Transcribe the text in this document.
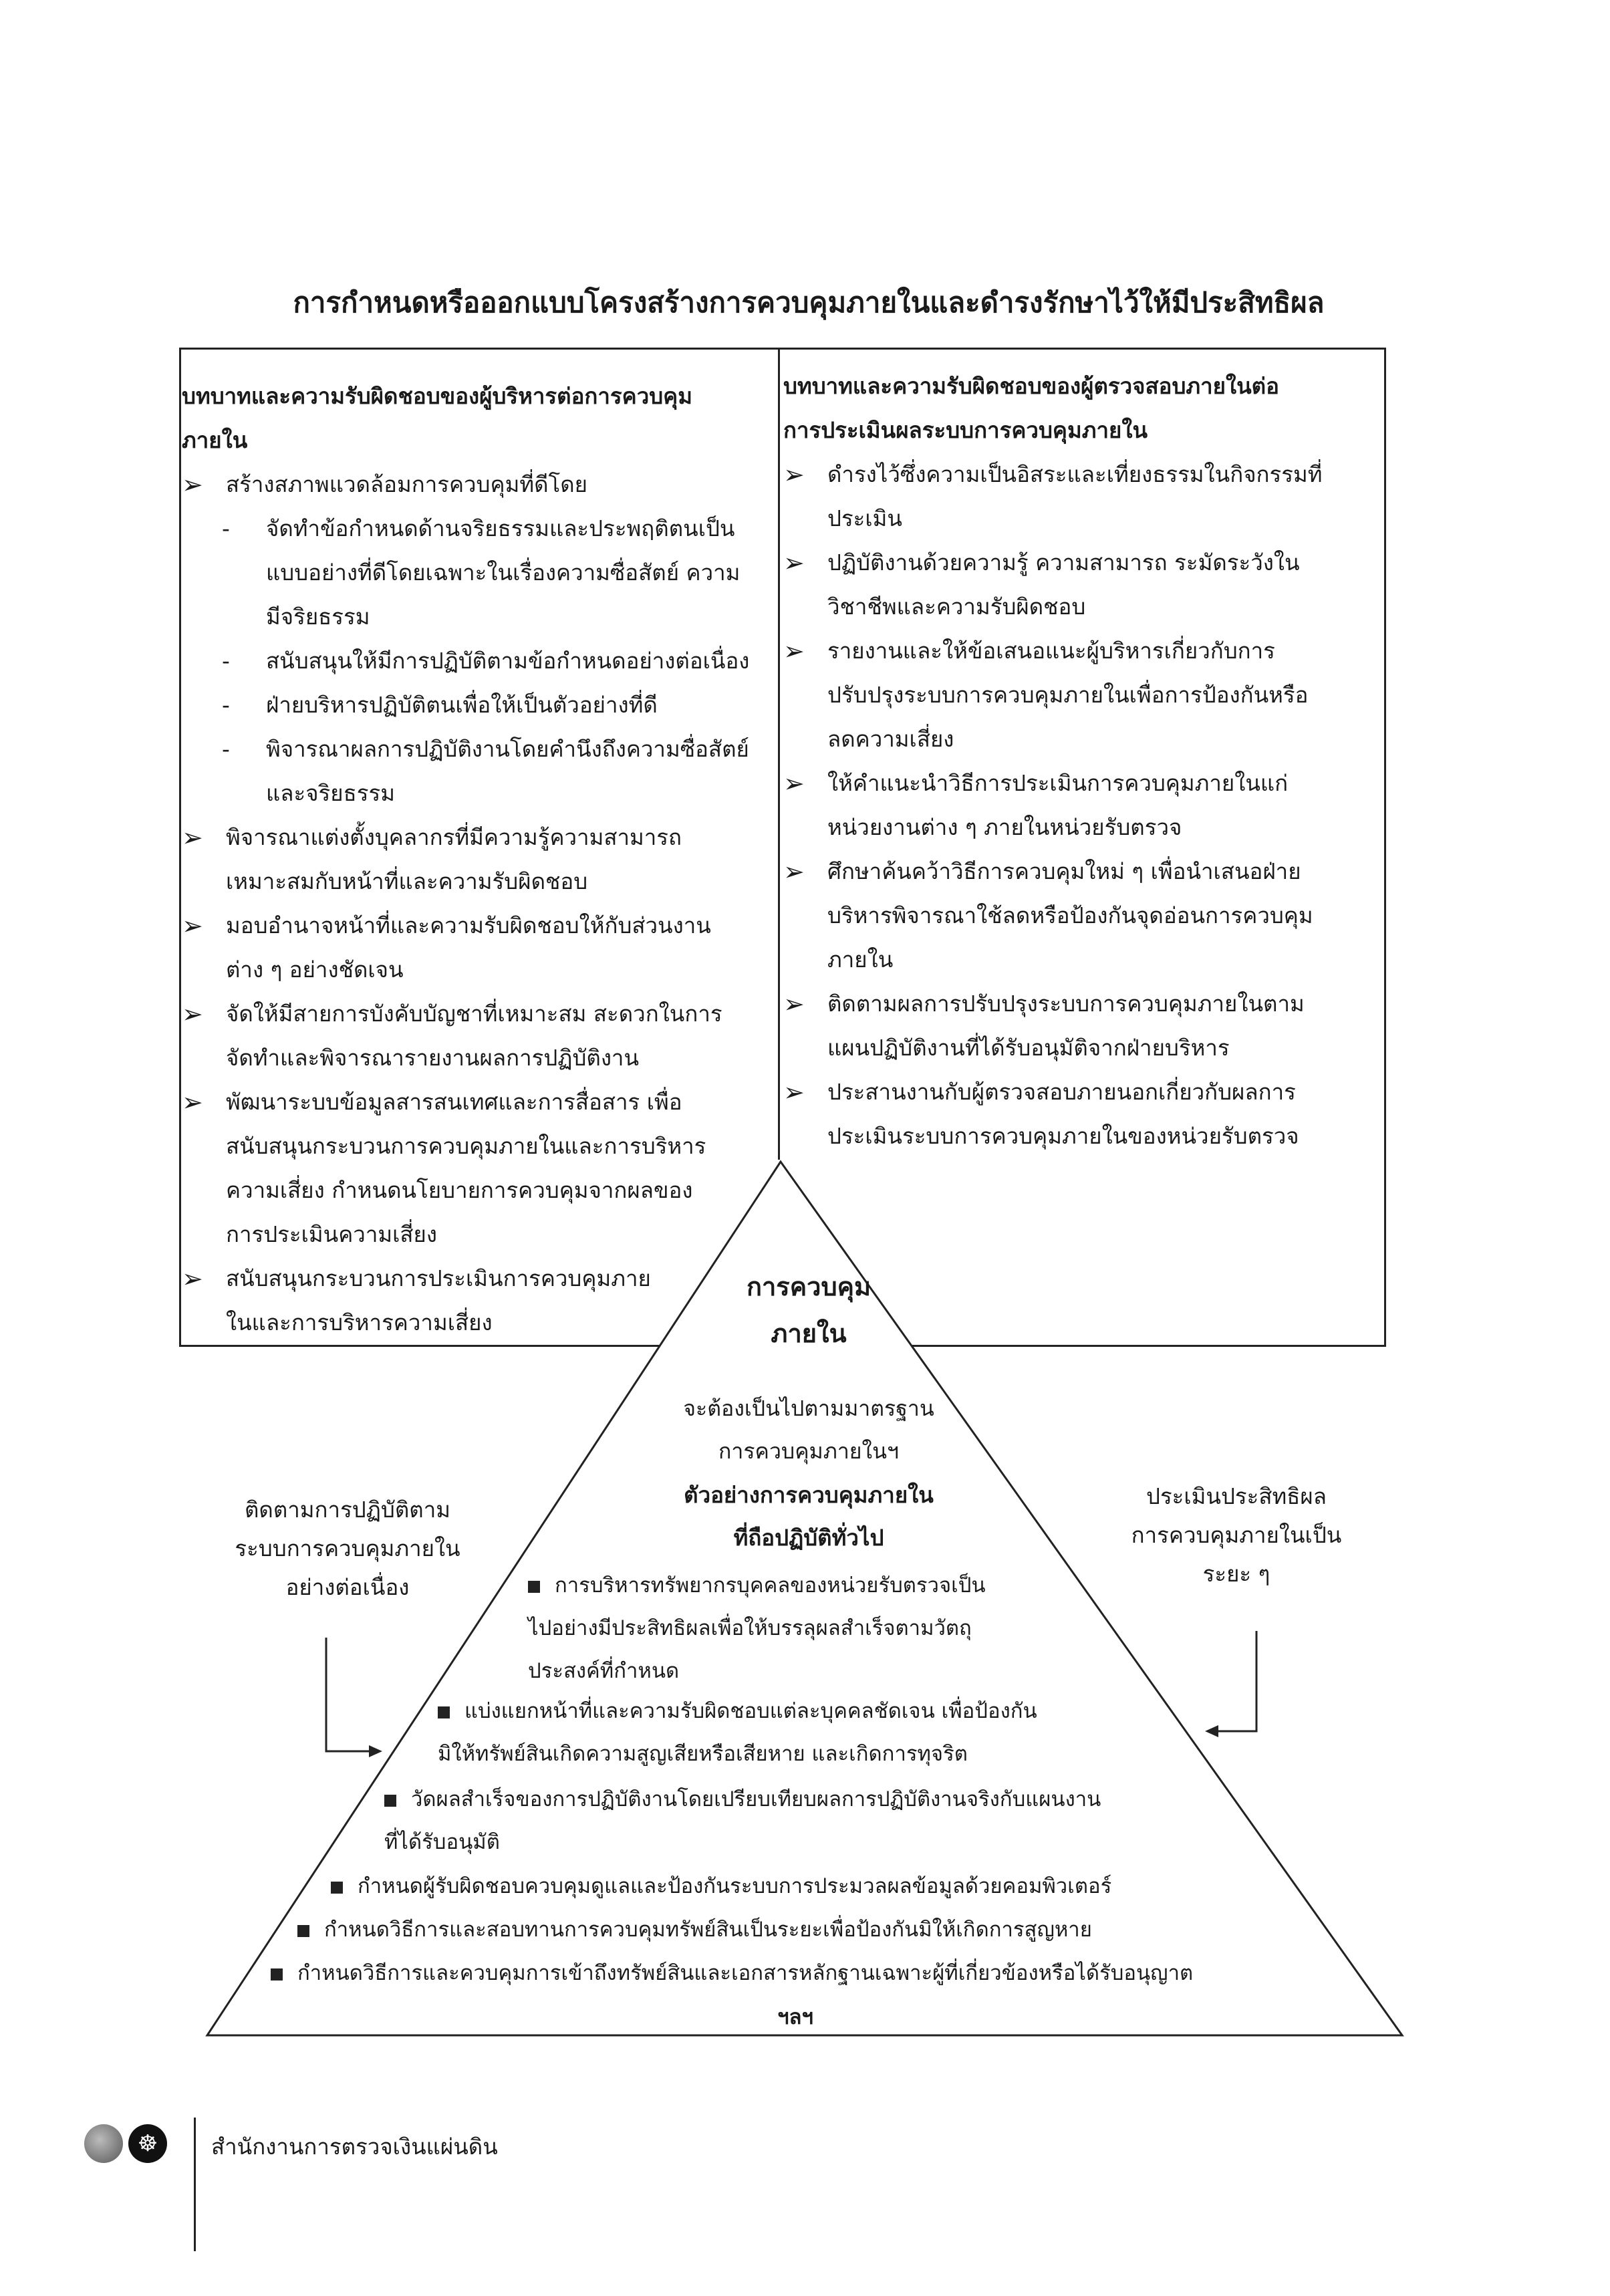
การกำหนดหรือออกแบบโครงสร้างการควบคุมภายในและดำรงรักษาไว้ให้มีประสิทธิผล
บทบาทและความรับผิดชอบของผู้บริหารต่อการควบคุม
ภายใน
➢ สร้างสภาพแวดล้อมการควบคุมที่ดีโดย
- จัดทำข้อกำหนดด้านจริยธรรมและประพฤติตนเป็น
แบบอย่างที่ดีโดยเฉพาะในเรื่องความซื่อสัตย์ ความ
มีจริยธรรม
- สนับสนุนให้มีการปฏิบัติตามข้อกำหนดอย่างต่อเนื่อง
- ฝ่ายบริหารปฏิบัติตนเพื่อให้เป็นตัวอย่างที่ดี
- พิจารณาผลการปฏิบัติงานโดยคำนึงถึงความซื่อสัตย์
และจริยธรรม
➢ พิจารณาแต่งตั้งบุคลากรที่มีความรู้ความสามารถ
เหมาะสมกับหน้าที่และความรับผิดชอบ
➢ มอบอำนาจหน้าที่และความรับผิดชอบให้กับส่วนงาน
ต่าง ๆ อย่างชัดเจน
➢ จัดให้มีสายการบังคับบัญชาที่เหมาะสม สะดวกในการ
จัดทำและพิจารณารายงานผลการปฏิบัติงาน
➢ พัฒนาระบบข้อมูลสารสนเทศและการสื่อสาร เพื่อ
สนับสนุนกระบวนการควบคุมภายในและการบริหาร
ความเสี่ยง กำหนดนโยบายการควบคุมจากผลของ
การประเมินความเสี่ยง
➢ สนับสนุนกระบวนการประเมินการควบคุมภาย
ในและการบริหารความเสี่ยง
บทบาทและความรับผิดชอบของผู้ตรวจสอบภายในต่อ
การประเมินผลระบบการควบคุมภายใน
➢ ดำรงไว้ซึ่งความเป็นอิสระและเที่ยงธรรมในกิจกรรมที่
ประเมิน
➢ ปฏิบัติงานด้วยความรู้ ความสามารถ ระมัดระวังใน
วิชาชีพและความรับผิดชอบ
➢ รายงานและให้ข้อเสนอแนะผู้บริหารเกี่ยวกับการ
ปรับปรุงระบบการควบคุมภายในเพื่อการป้องกันหรือ
ลดความเสี่ยง
➢ ให้คำแนะนำวิธีการประเมินการควบคุมภายในแก่
หน่วยงานต่าง ๆ ภายในหน่วยรับตรวจ
➢ ศึกษาค้นคว้าวิธีการควบคุมใหม่ ๆ เพื่อนำเสนอฝ่าย
บริหารพิจารณาใช้ลดหรือป้องกันจุดอ่อนการควบคุม
ภายใน
➢ ติดตามผลการปรับปรุงระบบการควบคุมภายในตาม
แผนปฏิบัติงานที่ได้รับอนุมัติจากฝ่ายบริหาร
➢ ประสานงานกับผู้ตรวจสอบภายนอกเกี่ยวกับผลการ
ประเมินระบบการควบคุมภายในของหน่วยรับตรวจ
การควบคุม
ภายใน
จะต้องเป็นไปตามมาตรฐาน
การควบคุมภายในฯ
ตัวอย่างการควบคุมภายใน
ที่ถือปฏิบัติทั่วไป
การบริหารทรัพยากรบุคคลของหน่วยรับตรวจเป็น
ไปอย่างมีประสิทธิผลเพื่อให้บรรลุผลสำเร็จตามวัตถุ
ประสงค์ที่กำหนด
แบ่งแยกหน้าที่และความรับผิดชอบแต่ละบุคคลชัดเจน เพื่อป้องกัน
มิให้ทรัพย์สินเกิดความสูญเสียหรือเสียหาย และเกิดการทุจริต
วัดผลสำเร็จของการปฏิบัติงานโดยเปรียบเทียบผลการปฏิบัติงานจริงกับแผนงาน
ที่ได้รับอนุมัติ
กำหนดผู้รับผิดชอบควบคุมดูแลและป้องกันระบบการประมวลผลข้อมูลด้วยคอมพิวเตอร์
กำหนดวิธีการและสอบทานการควบคุมทรัพย์สินเป็นระยะเพื่อป้องกันมิให้เกิดการสูญหาย
กำหนดวิธีการและควบคุมการเข้าถึงทรัพย์สินและเอกสารหลักฐานเฉพาะผู้ที่เกี่ยวข้องหรือได้รับอนุญาต
ฯลฯ
ติดตามการปฏิบัติตาม
ระบบการควบคุมภายใน
อย่างต่อเนื่อง
ประเมินประสิทธิผล
การควบคุมภายในเป็น
ระยะ ๆ
☸	สำนักงานการตรวจเงินแผ่นดิน
